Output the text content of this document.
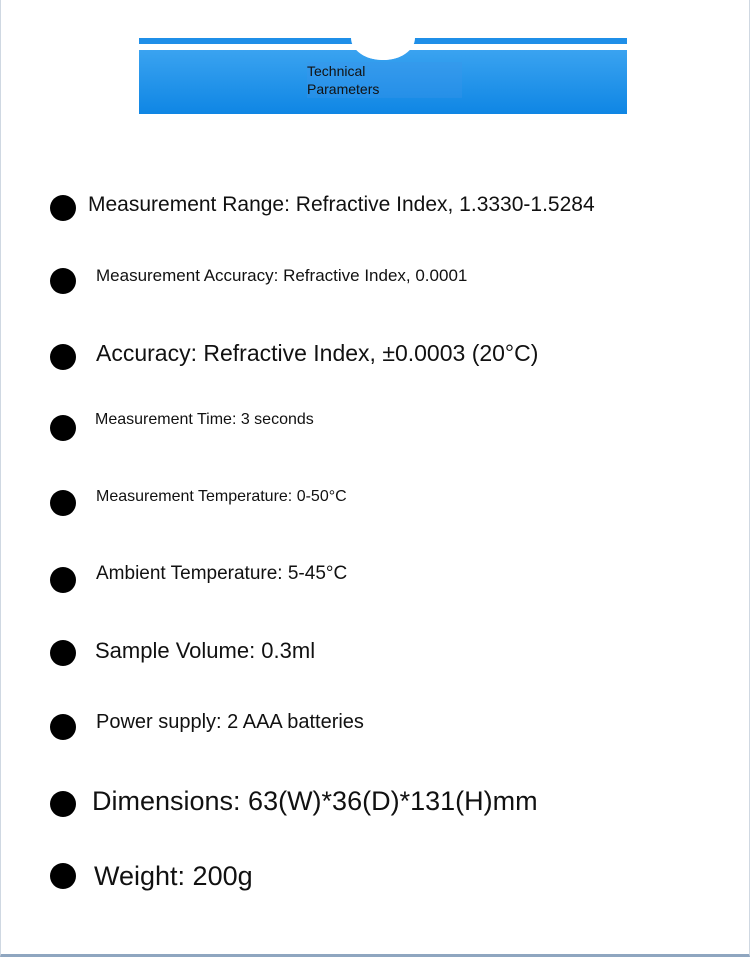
Technical
Parameters
Measurement Range: Refractive Index, 1.3330-1.5284
Measurement Accuracy: Refractive Index, 0.0001
Accuracy: Refractive Index, ±0.0003 (20°C)
Measurement Time: 3 seconds
Measurement Temperature: 0-50°C
Ambient Temperature: 5-45°C
Sample Volume: 0.3ml
Power supply: 2 AAA batteries
Dimensions: 63(W)*36(D)*131(H)mm
Weight: 200g
